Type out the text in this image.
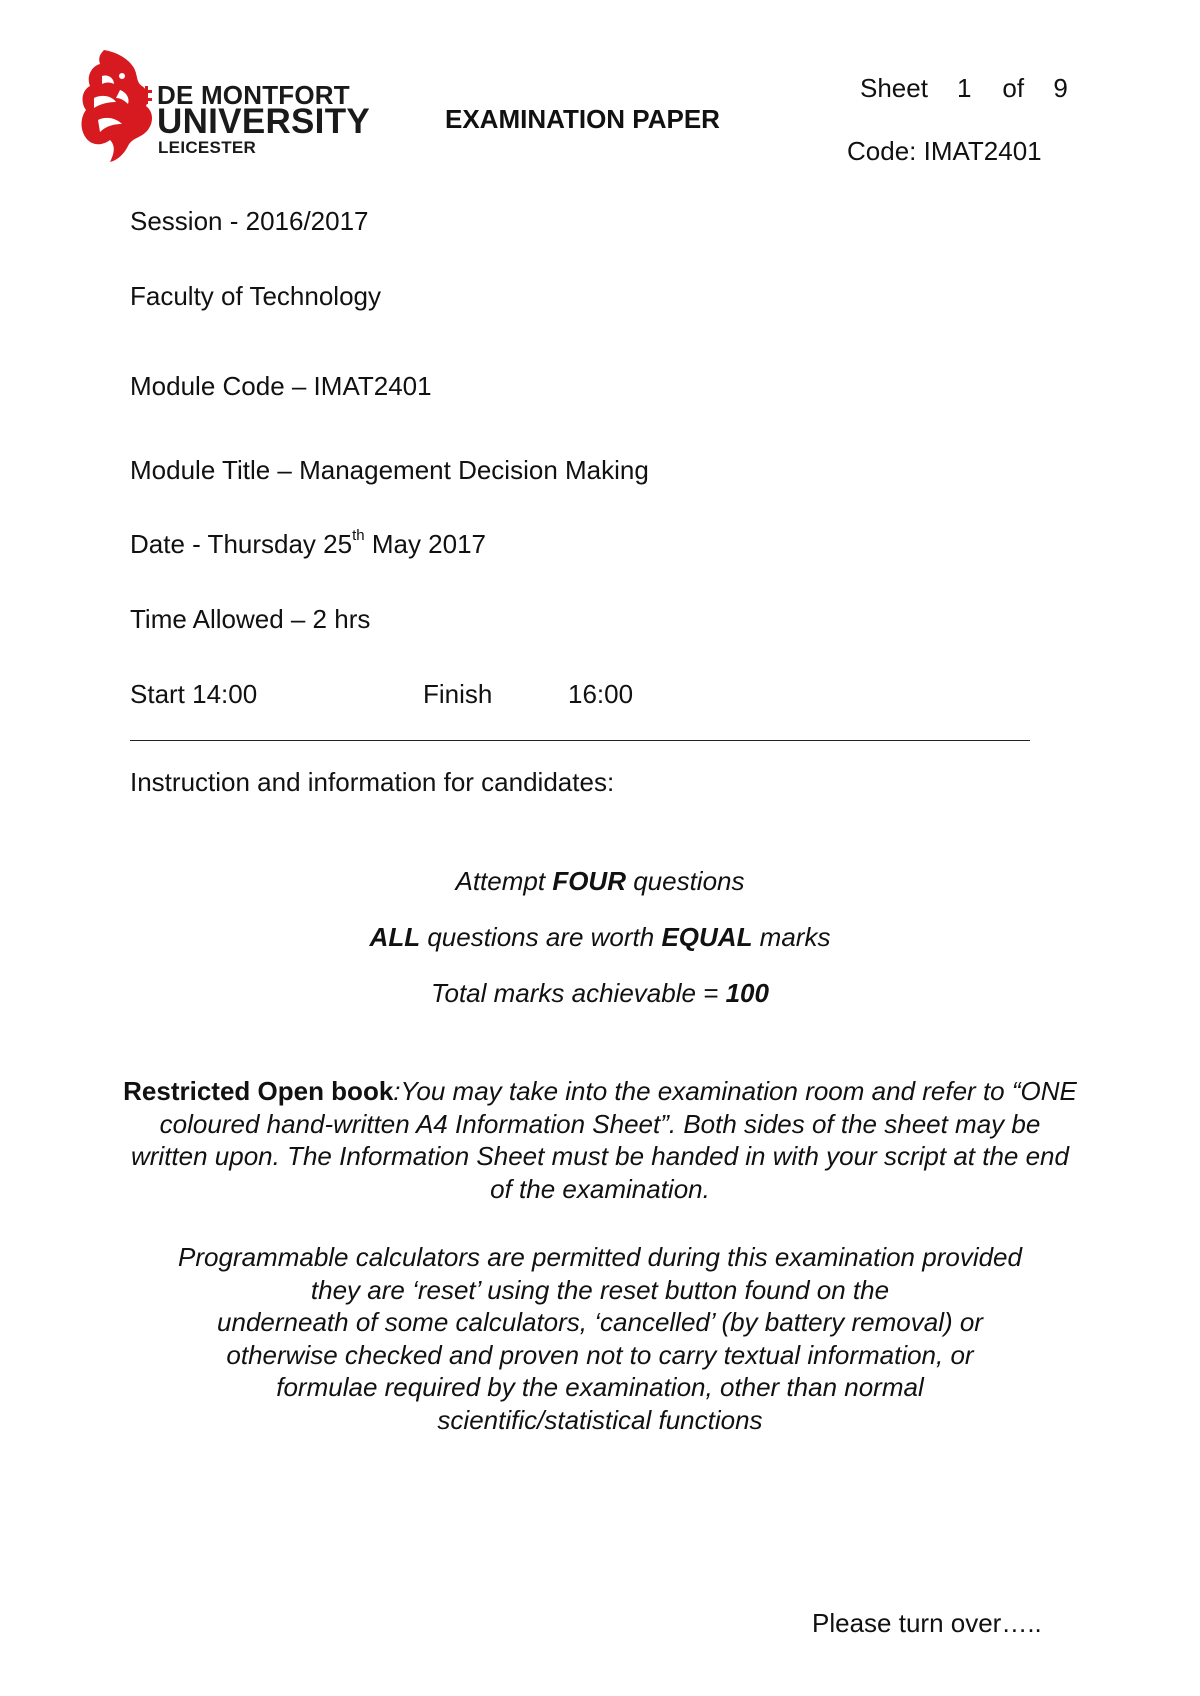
DE MONTFORT
UNIVERSITY
LEICESTER
EXAMINATION PAPER
Sheet 1 of 9
Code: IMAT2401
Session - 2016/2017
Faculty of Technology
Module Code – IMAT2401
Module Title – Management Decision Making
Date - Thursday 25th May 2017
Time Allowed – 2 hrs
Start 14:00	Finish	16:00
Instruction and information for candidates:
Attempt FOUR questions
ALL questions are worth EQUAL marks
Total marks achievable = 100
Restricted Open book:You may take into the examination room and refer to “ONE coloured hand-written A4 Information Sheet”. Both sides of the sheet may be written upon. The Information Sheet must be handed in with your script at the end of the examination.
Programmable calculators are permitted during this examination provided
they are ‘reset’ using the reset button found on the
underneath of some calculators, ‘cancelled’ (by battery removal) or
otherwise checked and proven not to carry textual information, or
formulae required by the examination, other than normal
scientific/statistical functions
Please turn over…..
